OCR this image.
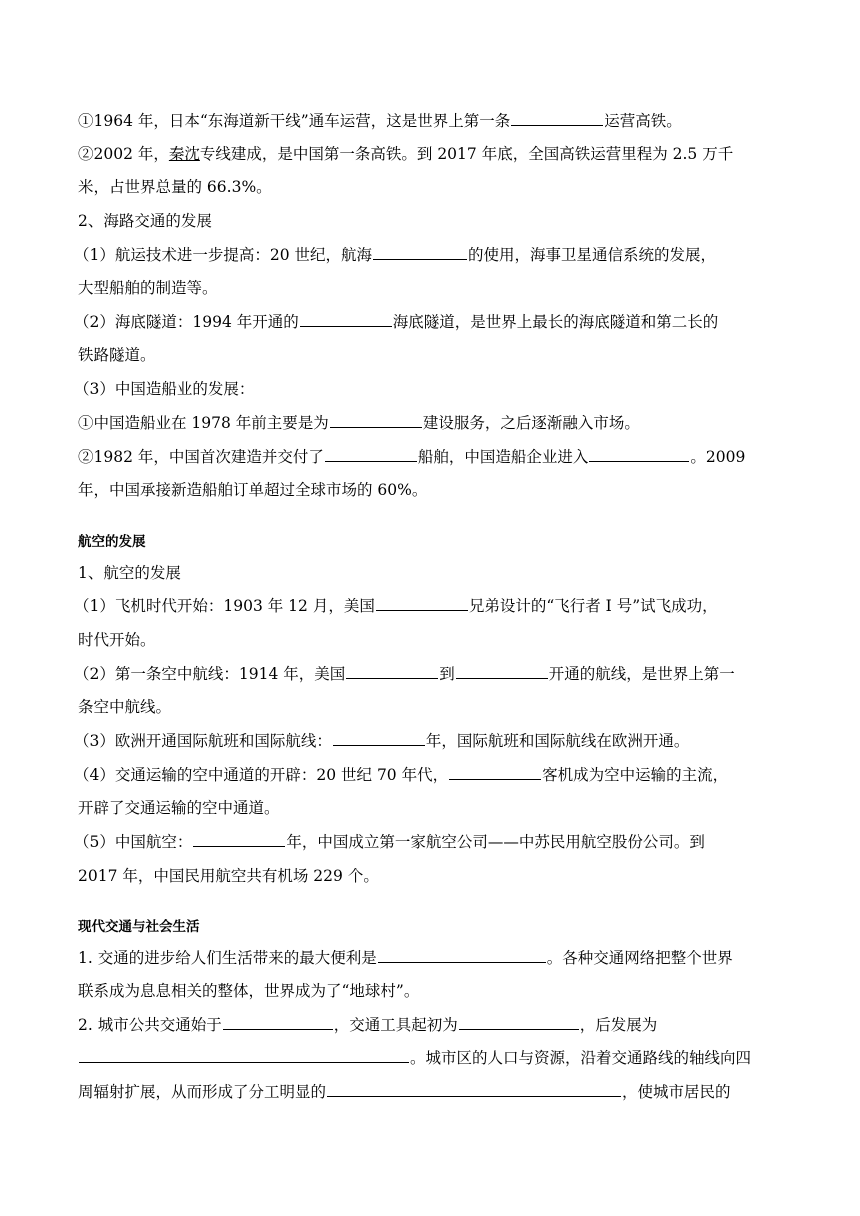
①1964 年，日本“东海道新干线”通车运营，这是世界上第一条	运营高铁。
②2002 年，秦沈专线建成，是中国第一条高铁。到 2017 年底，全国高铁运营里程为 2.5 万千
米，占世界总量的 66.3%。
2、海路交通的发展
（1）航运技术进一步提高：20 世纪，航海	的使用，海事卫星通信系统的发展，
大型船舶的制造等。
（2）海底隧道：1994 年开通的	海底隧道，是世界上最长的海底隧道和第二长的
铁路隧道。
（3）中国造船业的发展：
①中国造船业在 1978 年前主要是为	建设服务，之后逐渐融入市场。
②1982 年，中国首次建造并交付了	船舶，中国造船企业进入	。2009
年，中国承接新造船舶订单超过全球市场的 60%。
航空的发展
1、航空的发展
（1）飞机时代开始：1903 年 12 月，美国	兄弟设计的“飞行者 I 号”试飞成功，
时代开始。
（2）第一条空中航线：1914 年，美国	到	开通的航线，是世界上第一
条空中航线。
（3）欧洲开通国际航班和国际航线：	年，国际航班和国际航线在欧洲开通。
（4）交通运输的空中通道的开辟：20 世纪 70 年代，	客机成为空中运输的主流，
开辟了交通运输的空中通道。
（5）中国航空：	年，中国成立第一家航空公司——中苏民用航空股份公司。到
2017 年，中国民用航空共有机场 229 个。
现代交通与社会生活
1. 交通的进步给人们生活带来的最大便利是	。各种交通网络把整个世界
联系成为息息相关的整体，世界成为了“地球村”。
2. 城市公共交通始于	，交通工具起初为	，后发展为
。城市区的人口与资源，沿着交通路线的轴线向四
周辐射扩展，从而形成了分工明显的	，使城市居民的
